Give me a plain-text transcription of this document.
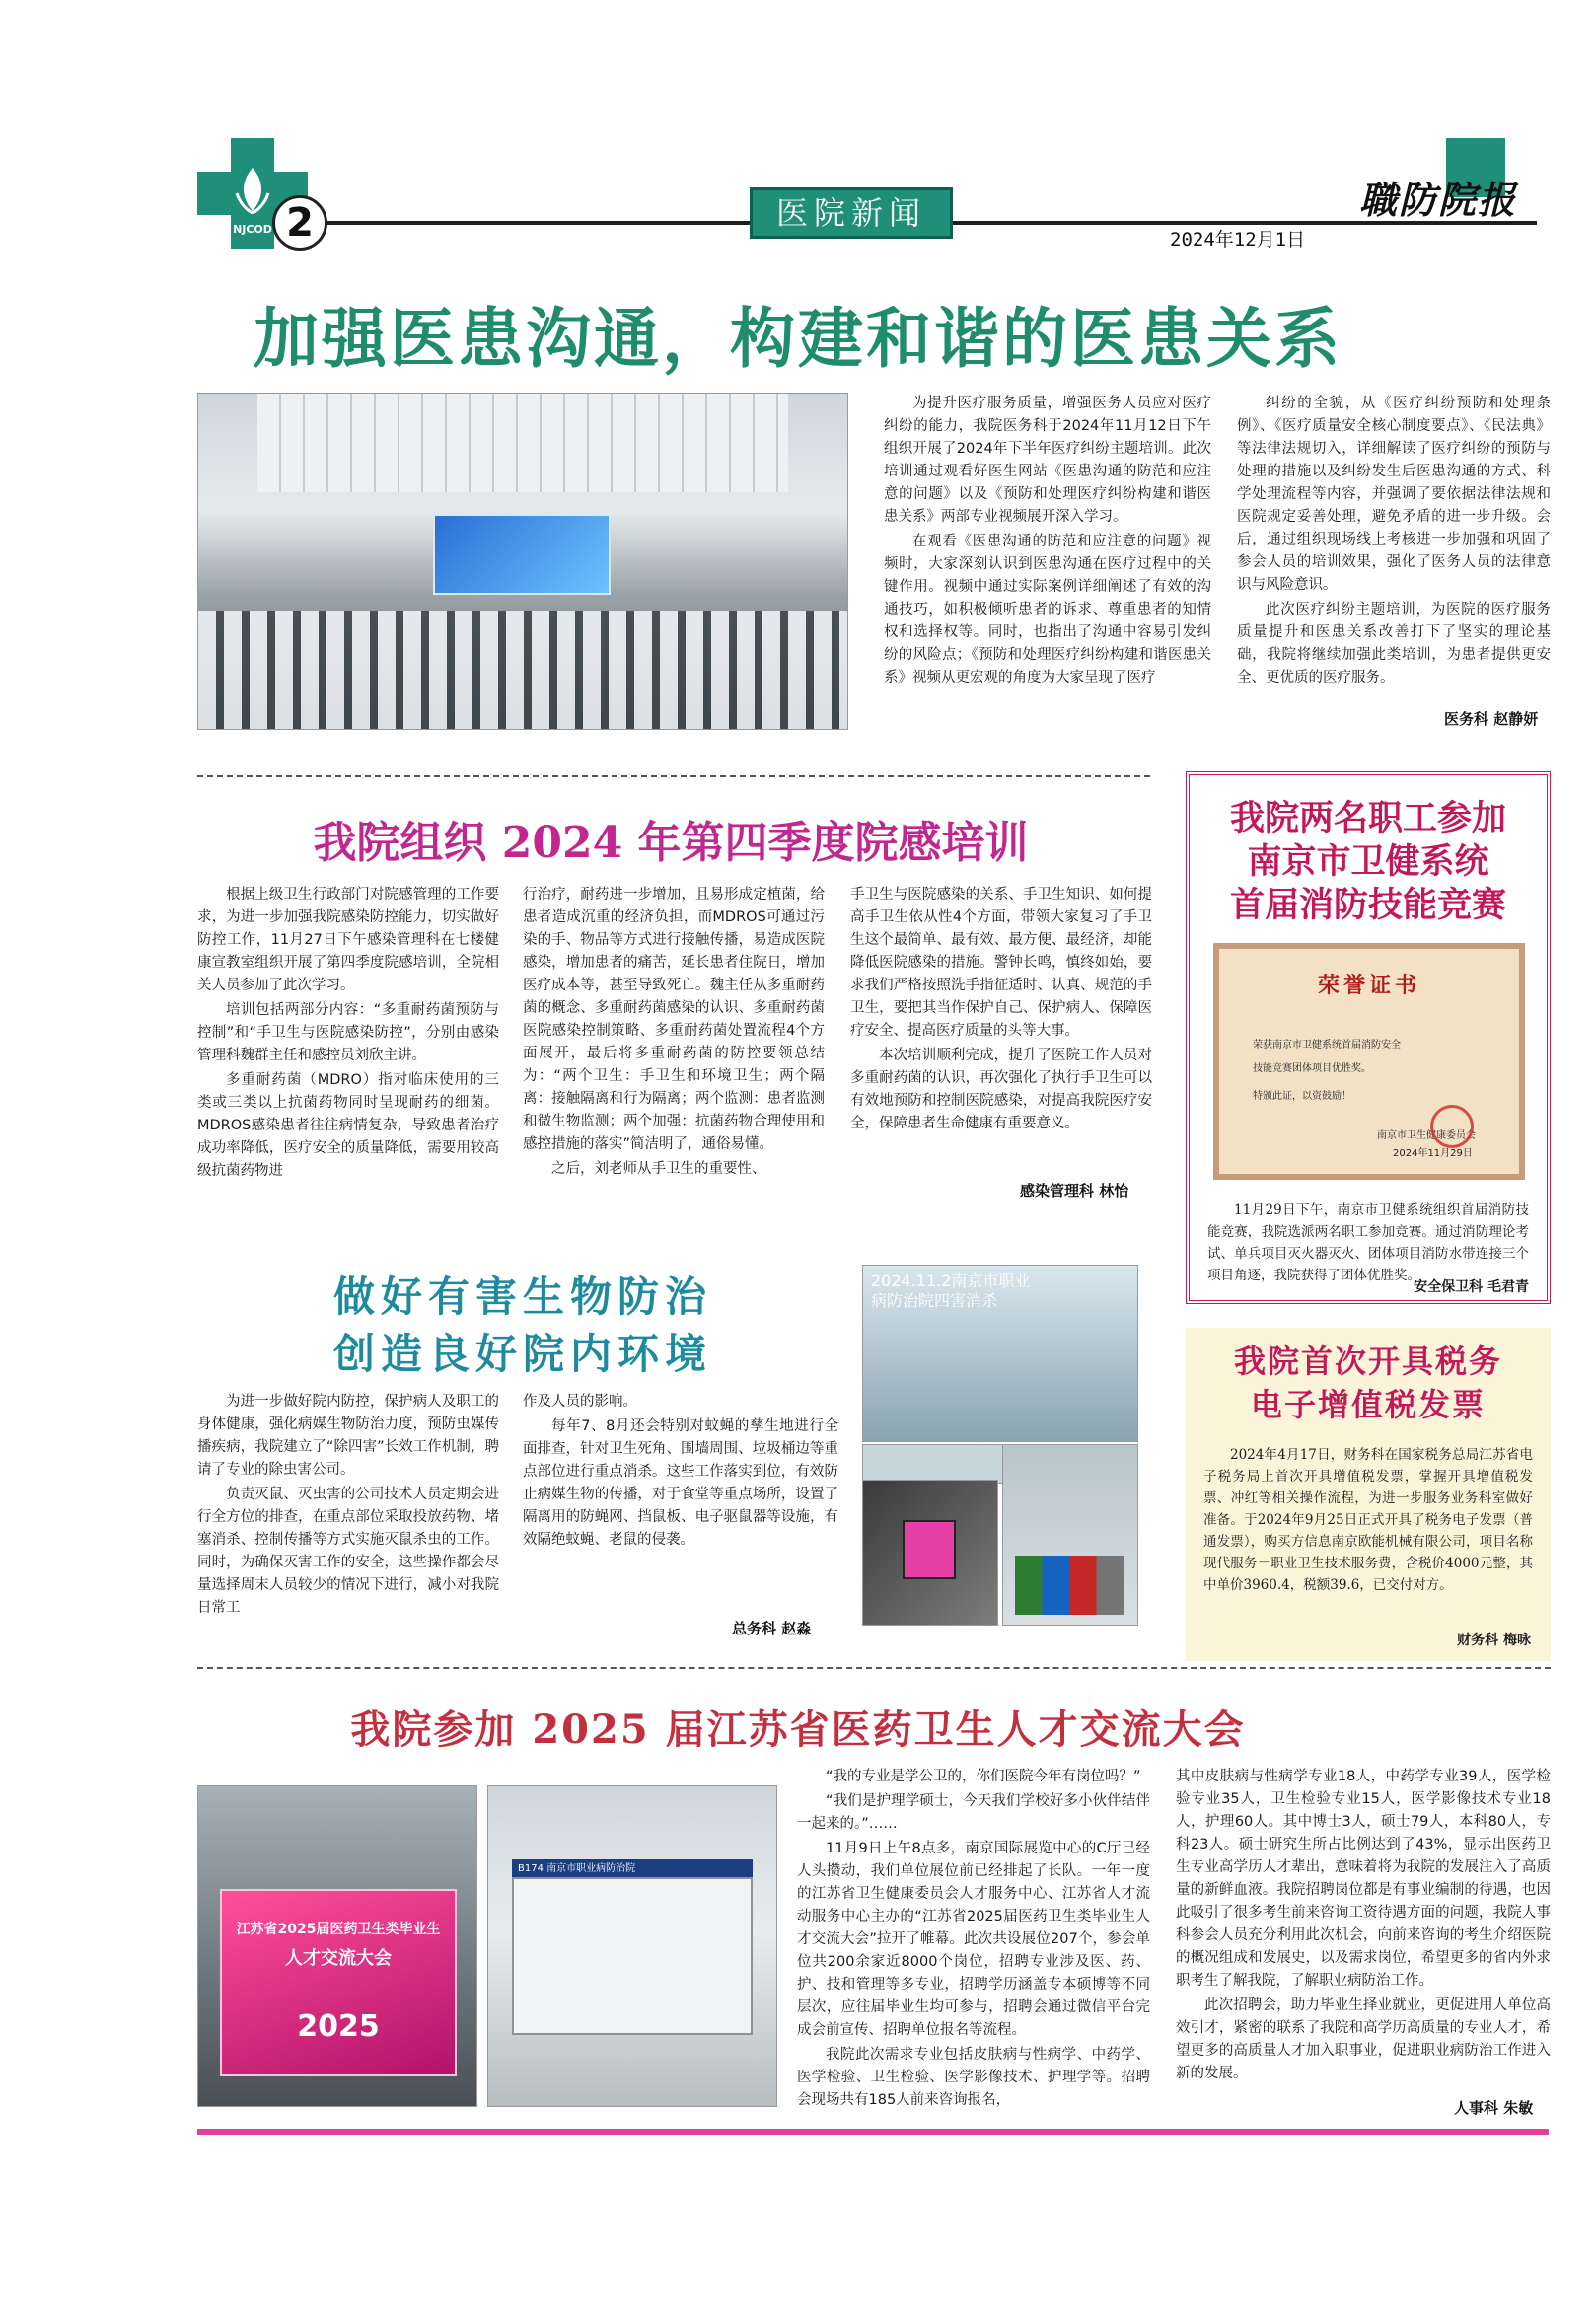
NJCOD 2	医院新闻
2024年12月1日
職防院报
加强医患沟通，构建和谐的医患关系

为提升医疗服务质量，增强医务人员应对医疗纠纷的能力，我院医务科于2024年11月12日下午组织开展了2024年下半年医疗纠纷主题培训。此次培训通过观看好医生网站《医患沟通的防范和应注意的问题》以及《预防和处理医疗纠纷构建和谐医患关系》两部专业视频展开深入学习。

在观看《医患沟通的防范和应注意的问题》视频时，大家深刻认识到医患沟通在医疗过程中的关键作用。视频中通过实际案例详细阐述了有效的沟通技巧，如积极倾听患者的诉求、尊重患者的知情权和选择权等。同时，也指出了沟通中容易引发纠纷的风险点；《预防和处理医疗纠纷构建和谐医患关系》视频从更宏观的角度为大家呈现了医疗

纠纷的全貌，从《医疗纠纷预防和处理条例》、《医疗质量安全核心制度要点》、《民法典》等法律法规切入，详细解读了医疗纠纷的预防与处理的措施以及纠纷发生后医患沟通的方式、科学处理流程等内容，并强调了要依据法律法规和医院规定妥善处理，避免矛盾的进一步升级。会后，通过组织现场线上考核进一步加强和巩固了参会人员的培训效果，强化了医务人员的法律意识与风险意识。

此次医疗纠纷主题培训，为医院的医疗服务质量提升和医患关系改善打下了坚实的理论基础，我院将继续加强此类培训，为患者提供更安全、更优质的医疗服务。

医务科 赵静妍
我院组织 2024 年第四季度院感培训

根据上级卫生行政部门对院感管理的工作要求，为进一步加强我院感染防控能力，切实做好防控工作，11月27日下午感染管理科在七楼健康宣教室组织开展了第四季度院感培训，全院相关人员参加了此次学习。

培训包括两部分内容：“多重耐药菌预防与控制”和“手卫生与医院感染防控”，分别由感染管理科魏群主任和感控员刘欣主讲。

多重耐药菌（MDRO）指对临床使用的三类或三类以上抗菌药物同时呈现耐药的细菌。MDROS感染患者往往病情复杂，导致患者治疗成功率降低，医疗安全的质量降低，需要用较高级抗菌药物进

行治疗，耐药进一步增加，且易形成定植菌，给患者造成沉重的经济负担，而MDROS可通过污染的手、物品等方式进行接触传播，易造成医院感染，增加患者的痛苦，延长患者住院日，增加医疗成本等，甚至导致死亡。魏主任从多重耐药菌的概念、多重耐药菌感染的认识、多重耐药菌医院感染控制策略、多重耐药菌处置流程4个方面展开，最后将多重耐药菌的防控要领总结为：“两个卫生：手卫生和环境卫生；两个隔离：接触隔离和行为隔离；两个监测：患者监测和微生物监测；两个加强：抗菌药物合理使用和感控措施的落实”简洁明了，通俗易懂。

之后，刘老师从手卫生的重要性、

手卫生与医院感染的关系、手卫生知识、如何提高手卫生依从性4个方面，带领大家复习了手卫生这个最简单、最有效、最方便、最经济，却能降低医院感染的措施。警钟长鸣，慎终如始，要求我们严格按照洗手指征适时、认真、规范的手卫生，要把其当作保护自己、保护病人、保障医疗安全、提高医疗质量的头等大事。

本次培训顺利完成，提升了医院工作人员对多重耐药菌的认识，再次强化了执行手卫生可以有效地预防和控制医院感染，对提高我院医疗安全，保障患者生命健康有重要意义。

感染管理科 林怡
做好有害生物防治
创造良好院内环境

为进一步做好院内防控，保护病人及职工的身体健康，强化病媒生物防治力度，预防虫媒传播疾病，我院建立了“除四害”长效工作机制，聘请了专业的除虫害公司。

负责灭鼠、灭虫害的公司技术人员定期会进行全方位的排查，在重点部位采取投放药物、堵塞消杀、控制传播等方式实施灭鼠杀虫的工作。同时，为确保灭害工作的安全，这些操作都会尽量选择周末人员较少的情况下进行，减小对我院日常工

作及人员的影响。

每年7、8月还会特别对蚊蝇的孳生地进行全面排查，针对卫生死角、围墙周围、垃圾桶边等重点部位进行重点消杀。这些工作落实到位，有效防止病媒生物的传播，对于食堂等重点场所，设置了隔离用的防蝇网、挡鼠板、电子驱鼠器等设施，有效隔绝蚊蝇、老鼠的侵袭。

总务科 赵淼
2024.11.2南京市职业病防治院四害消杀
我院两名职工参加
南京市卫健系统
首届消防技能竞赛
荣誉证书
荣获南京市卫健系统首届消防安全
技能竞赛团体项目优胜奖。
特颁此证，以资鼓励！
南京市卫生健康委员会
2024年11月29日

11月29日下午，南京市卫健系统组织首届消防技能竞赛，我院选派两名职工参加竞赛。通过消防理论考试、单兵项目灭火器灭火、团体项目消防水带连接三个项目角逐，我院获得了团体优胜奖。

安全保卫科 毛君青
我院首次开具税务
电子增值税发票

2024年4月17日，财务科在国家税务总局江苏省电子税务局上首次开具增值税发票，掌握开具增值税发票、冲红等相关操作流程，为进一步服务业务科室做好准备。于2024年9月25日正式开具了税务电子发票（普通发票），购买方信息南京欧能机械有限公司，项目名称现代服务－职业卫生技术服务费，含税价4000元整，其中单价3960.4，税额39.6，已交付对方。

财务科 梅咏
我院参加 2025 届江苏省医药卫生人才交流大会
江苏省2025届医药卫生类毕业生
人才交流大会
2025
B174 南京市职业病防治院

“我的专业是学公卫的，你们医院今年有岗位吗？”

“我们是护理学硕士，今天我们学校好多小伙伴结伴一起来的。”……

11月9日上午8点多，南京国际展览中心的C厅已经人头攒动，我们单位展位前已经排起了长队。一年一度的江苏省卫生健康委员会人才服务中心、江苏省人才流动服务中心主办的“江苏省2025届医药卫生类毕业生人才交流大会”拉开了帷幕。此次共设展位207个，参会单位共200余家近8000个岗位，招聘专业涉及医、药、护、技和管理等多专业，招聘学历涵盖专本硕博等不同层次，应往届毕业生均可参与，招聘会通过微信平台完成会前宣传、招聘单位报名等流程。

我院此次需求专业包括皮肤病与性病学、中药学、医学检验、卫生检验、医学影像技术、护理学等。招聘会现场共有185人前来咨询报名，

其中皮肤病与性病学专业18人，中药学专业39人，医学检验专业35人，卫生检验专业15人，医学影像技术专业18人，护理60人。其中博士3人，硕士79人，本科80人，专科23人。硕士研究生所占比例达到了43%，显示出医药卫生专业高学历人才辈出，意味着将为我院的发展注入了高质量的新鲜血液。我院招聘岗位都是有事业编制的待遇，也因此吸引了很多考生前来咨询工资待遇方面的问题，我院人事科参会人员充分利用此次机会，向前来咨询的考生介绍医院的概况组成和发展史，以及需求岗位，希望更多的省内外求职考生了解我院，了解职业病防治工作。

此次招聘会，助力毕业生择业就业，更促进用人单位高效引才，紧密的联系了我院和高学历高质量的专业人才，希望更多的高质量人才加入职事业，促进职业病防治工作进入新的发展。

人事科 朱敏
